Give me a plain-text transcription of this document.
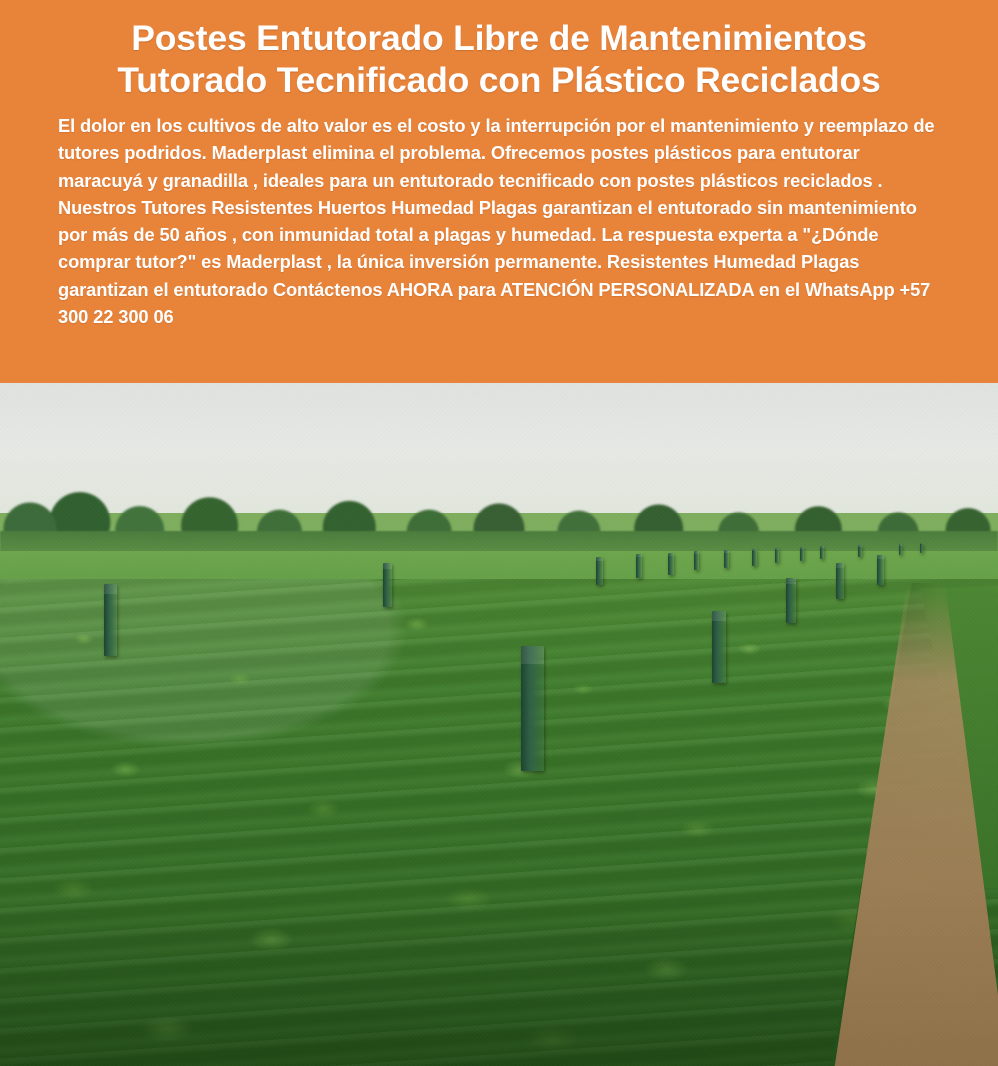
Postes Entutorado Libre de Mantenimientos
Tutorado Tecnificado con Plástico Reciclados

El dolor en los cultivos de alto valor es el costo y la interrupción por el mantenimiento y reemplazo de tutores podridos. Maderplast elimina el problema. Ofrecemos postes plásticos para entutorar maracuyá y granadilla , ideales para un entutorado tecnificado con postes plásticos reciclados . Nuestros Tutores Resistentes Huertos Humedad Plagas garantizan el entutorado sin mantenimiento por más de 50 años , con inmunidad total a plagas y humedad. La respuesta experta a "¿Dónde comprar tutor?" es Maderplast , la única inversión permanente. Resistentes Humedad Plagas garantizan el entutorado Contáctenos AHORA para ATENCIÓN PERSONALIZADA en el WhatsApp +57 300 22 300 06
